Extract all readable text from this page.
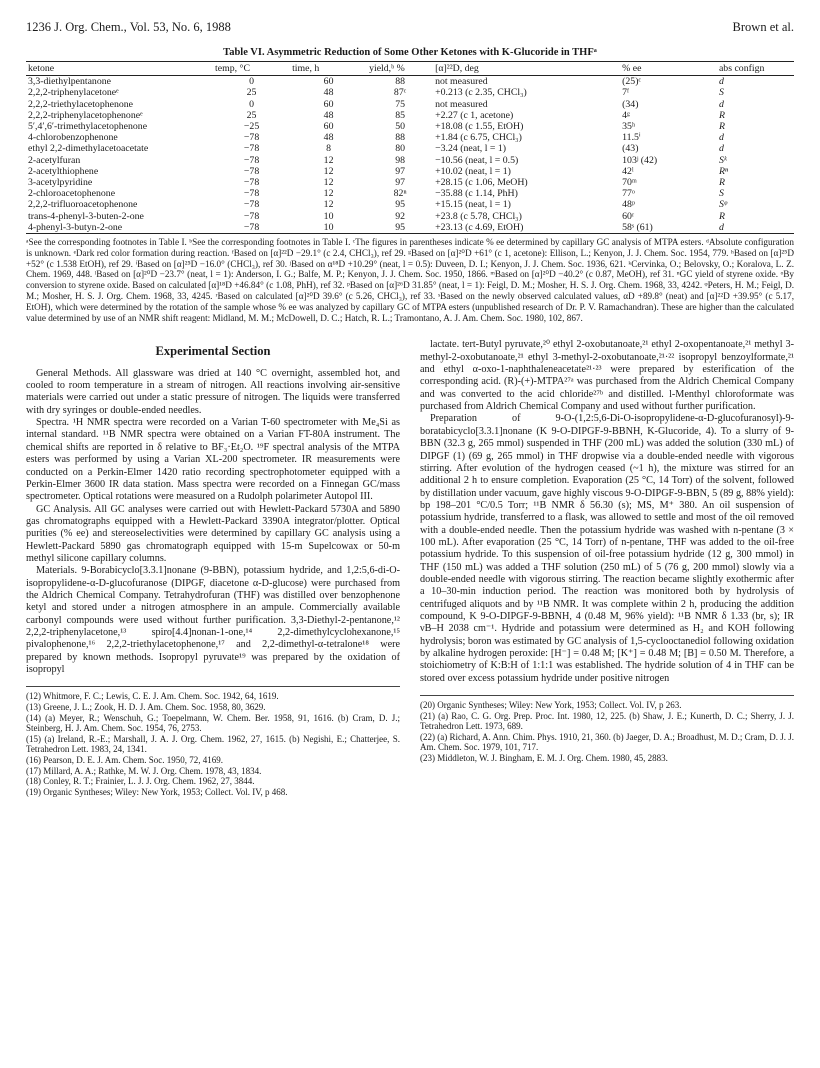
1236 J. Org. Chem., Vol. 53, No. 6, 1988	Brown et al.
Table VI. Asymmetric Reduction of Some Other Ketones with K-Glucoride in THFᵃ
ketone	temp, °C	time, h	yield,ᵇ %	[α]²²D, deg	% ee	abs confign
3,3-diethylpentanone	0	60	88	not measured	(25)ᶜ	d
2,2,2-triphenylacetoneᵉ	25	48	87ᶜ	+0.213 (c 2.35, CHCl₃)	7ᶠ	S
2,2,2-triethylacetophenone	0	60	75	not measured	(34)	d
2,2,2-triphenylacetophenoneᵉ	25	48	85	+2.27 (c 1, acetone)	4ᵍ	R
5′,4′,6′-trimethylacetophenone	−25	60	50	+18.08 (c 1.55, EtOH)	35ʰ	R
4-chlorobenzophenone	−78	48	88	+1.84 (c 6.75, CHCl₃)	11.5ⁱ	d
ethyl 2,2-dimethylacetoacetate	−78	8	80	−3.24 (neat, l = 1)	(43)	d
2-acetylfuran	−78	12	98	−10.56 (neat, l = 0.5)	103ʲ (42)	Sᵏ
2-acetylthiophene	−78	12	97	+10.02 (neat, l = 1)	42ˡ	Rⁿ
3-acetylpyridine	−78	12	97	+28.15 (c 1.06, MeOH)	70ᵐ	R
2-chloroacetophenone	−78	12	82ⁿ	−35.88 (c 1.14, PhH)	77ᵒ	S
2,2,2-trifluoroacetophenone	−78	12	95	+15.15 (neat, l = 1)	48ᵖ	Sᵠ
trans-4-phenyl-3-buten-2-one	−78	10	92	+23.8 (c 5.78, CHCl₃)	60ʳ	R
4-phenyl-3-butyn-2-one	−78	10	95	+23.13 (c 4.69, EtOH)	58ˢ (61)	d
ᵃSee the corresponding footnotes in Table I. ᵇSee the corresponding footnotes in Table I. ᶜThe figures in parentheses indicate % ee determined by capillary GC analysis of MTPA esters. ᵈAbsolute configuration is unknown. ᵉDark red color formation during reaction. ᶠBased on [α]²²D −29.1° (c 2.4, CHCl₃), ref 29. ᵍBased on [α]²⁰D +61° (c 1, acetone): Ellison, L.; Kenyon, J. J. Chem. Soc. 1954, 779. ʰBased on [α]²⁵D +52° (c 1.538 EtOH), ref 29. ⁱBased on [α]²⁵D −16.0° (CHCl₃), ref 30. ʲBased on α¹⁸D +10.29° (neat, l = 0.5): Duveen, D. I.; Kenyon, J. J. Chem. Soc. 1936, 621. ᵏCervinka, O.; Belovsky, O.; Koralova, L. Z. Chem. 1969, 448. ˡBased on [α]²⁰D −23.7° (neat, l = 1): Anderson, I. G.; Balfe, M. P.; Kenyon, J. J. Chem. Soc. 1950, 1866. ᵐBased on [α]²⁰D −40.2° (c 0.87, MeOH), ref 31. ⁿGC yield of styrene oxide. ᵒBy conversion to styrene oxide. Based on calculated [α]¹⁸D +46.84° (c 1.08, PhH), ref 32. ᵖBased on [α]²⁶D 31.85° (neat, l = 1): Feigl, D. M.; Mosher, H. S. J. Org. Chem. 1968, 33, 4242. ᵠPeters, H. M.; Feigl, D. M.; Mosher, H. S. J. Org. Chem. 1968, 33, 4245. ʳBased on calculated [α]²⁰D 39.6° (c 5.26, CHCl₃), ref 33. ˢBased on the newly observed calculated values, αD +89.8° (neat) and [α]²²D +39.95° (c 5.17, EtOH), which were determined by the rotation of the sample whose % ee was analyzed by capillary GC of MTPA esters (unpublished research of Dr. P. V. Ramachandran). These are higher than the calculated value determined by use of an NMR shift reagent: Midland, M. M.; McDowell, D. C.; Hatch, R. L.; Tramontano, A. J. Am. Chem. Soc. 1980, 102, 867.
Experimental Section

General Methods. All glassware was dried at 140 °C overnight, assembled hot, and cooled to room temperature in a stream of nitrogen. All reactions involving air-sensitive materials were carried out under a static pressure of nitrogen. The liquids were transferred with dry syringes or double-ended needles.

Spectra. ¹H NMR spectra were recorded on a Varian T-60 spectrometer with Me₄Si as internal standard. ¹¹B NMR spectra were obtained on a Varian FT-80A instrument. The chemical shifts are reported in δ relative to BF₃·Et₂O. ¹⁹F spectral analysis of the MTPA esters was performed by using a Varian XL-200 spectrometer. IR measurements were conducted on a Perkin-Elmer 1420 ratio recording spectrophotometer equipped with a Perkin-Elmer 3600 IR data station. Mass spectra were recorded on a Finnegan GC/mass spectrometer. Optical rotations were measured on a Rudolph polarimeter Autopol III.

GC Analysis. All GC analyses were carried out with Hewlett-Packard 5730A and 5890 gas chromatographs equipped with a Hewlett-Packard 3390A integrator/plotter. Optical purities (% ee) and stereoselectivities were determined by capillary GC analysis using a Hewlett-Packard 5890 gas chromatograph equipped with 15-m Supelcowax or 50-m methyl silicone capillary columns.

Materials. 9-Borabicyclo[3.3.1]nonane (9-BBN), potassium hydride, and 1,2:5,6-di-O-isopropylidene-α-D-glucofuranose (DIPGF, diacetone α-D-glucose) were purchased from the Aldrich Chemical Company. Tetrahydrofuran (THF) was distilled over benzophenone ketyl and stored under a nitrogen atmosphere in an ampule. Commercially available carbonyl compounds were used without further purification. 3,3-Diethyl-2-pentanone,¹² 2,2,2-triphenylacetone,¹³ spiro[4.4]nonan-1-one,¹⁴ 2,2-dimethylcyclohexanone,¹⁵ pivalophenone,¹⁶ 2,2,2-triethylacetophenone,¹⁷ and 2,2-dimethyl-α-tetralone¹⁸ were prepared by known methods. Isopropyl pyruvate¹⁹ was prepared by the oxidation of isopropyl

(12) Whitmore, F. C.; Lewis, C. E. J. Am. Chem. Soc. 1942, 64, 1619.
(13) Greene, J. L.; Zook, H. D. J. Am. Chem. Soc. 1958, 80, 3629.
(14) (a) Meyer, R.; Wenschuh, G.; Toepelmann, W. Chem. Ber. 1958, 91, 1616. (b) Cram, D. J.; Steinberg, H. J. Am. Chem. Soc. 1954, 76, 2753.
(15) (a) Ireland, R.-E.; Marshall, J. A. J. Org. Chem. 1962, 27, 1615. (b) Negishi, E.; Chatterjee, S. Tetrahedron Lett. 1983, 24, 1341.
(16) Pearson, D. E. J. Am. Chem. Soc. 1950, 72, 4169.
(17) Millard, A. A.; Rathke, M. W. J. Org. Chem. 1978, 43, 1834.
(18) Conley, R. T.; Frainier, L. J. J. Org. Chem. 1962, 27, 3844.
(19) Organic Syntheses; Wiley: New York, 1953; Collect. Vol. IV, p 468.

lactate. tert-Butyl pyruvate,²⁰ ethyl 2-oxobutanoate,²¹ ethyl 2-oxopentanoate,²¹ methyl 3-methyl-2-oxobutanoate,²¹ ethyl 3-methyl-2-oxobutanoate,²¹·²² isopropyl benzoylformate,²¹ and ethyl α-oxo-1-naphthaleneacetate²¹·²³ were prepared by esterification of the corresponding acid. (R)-(+)-MTPA²⁷ᵃ was purchased from the Aldrich Chemical Company and was converted to the acid chloride²⁷ᵇ and distilled. l-Menthyl chloroformate was purchased from Aldrich Chemical Company and used without further purification.

Preparation of 9-O-(1,2:5,6-Di-O-isopropylidene-α-D-glucofuranosyl)-9-boratabicyclo[3.3.1]nonane (K 9-O-DIPGF-9-BBNH, K-Glucoride, 4). To a slurry of 9-BBN (32.3 g, 265 mmol) suspended in THF (200 mL) was added the solution (330 mL) of DIPGF (1) (69 g, 265 mmol) in THF dropwise via a double-ended needle with vigorous stirring. After evolution of the hydrogen ceased (~1 h), the mixture was stirred for an additional 2 h to ensure completion. Evaporation (25 °C, 14 Torr) of the solvent, followed by distillation under vacuum, gave highly viscous 9-O-DIPGF-9-BBN, 5 (89 g, 88% yield): bp 198–201 °C/0.5 Torr; ¹¹B NMR δ 56.30 (s); MS, M⁺ 380. An oil suspension of potassium hydride, transferred to a flask, was allowed to settle and most of the oil removed with a double-ended needle. Then the potassium hydride was washed with n-pentane (3 × 100 mL). After evaporation (25 °C, 14 Torr) of n-pentane, THF was added to the oil-free potassium hydride. To this suspension of oil-free potassium hydride (12 g, 300 mmol) in THF (150 mL) was added a THF solution (250 mL) of 5 (76 g, 200 mmol) slowly via a double-ended needle with vigorous stirring. The reaction became slightly exothermic after a 10–30-min induction period. The reaction was monitored both by hydrolysis of centrifuged aliquots and by ¹¹B NMR. It was complete within 2 h, producing the addition compound, K 9-O-DIPGF-9-BBNH, 4 (0.48 M, 96% yield): ¹¹B NMR δ 1.33 (br, s); IR νB–H 2038 cm⁻¹. Hydride and potassium were determined as H₂ and KOH following hydrolysis; boron was estimated by GC analysis of 1,5-cyclooctanediol following oxidation by alkaline hydrogen peroxide: [H⁻] = 0.48 M; [K⁺] = 0.48 M; [B] = 0.50 M. Therefore, a stoichiometry of K:B:H of 1:1:1 was established. The hydride solution of 4 in THF can be stored over excess potassium hydride under positive nitrogen

(20) Organic Syntheses; Wiley: New York, 1953; Collect. Vol. IV, p 263.
(21) (a) Rao, C. G. Org. Prep. Proc. Int. 1980, 12, 225. (b) Shaw, J. E.; Kunerth, D. C.; Sherry, J. J. Tetrahedron Lett. 1973, 689.
(22) (a) Richard, A. Ann. Chim. Phys. 1910, 21, 360. (b) Jaeger, D. A.; Broadhust, M. D.; Cram, D. J. J. Am. Chem. Soc. 1979, 101, 717.
(23) Middleton, W. J. Bingham, E. M. J. Org. Chem. 1980, 45, 2883.
